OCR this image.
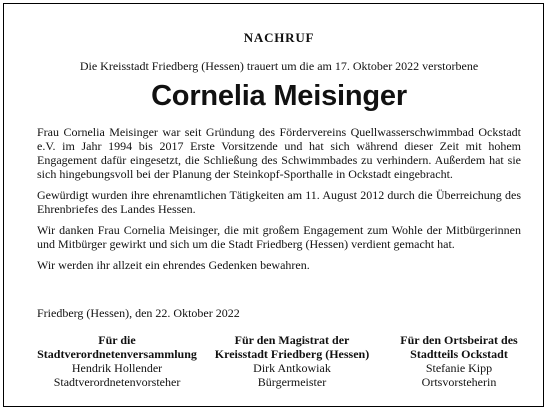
NACHRUF
Die Kreisstadt Friedberg (Hessen) trauert um die am 17. Oktober 2022 verstorbene
Cornelia Meisinger

Frau Cornelia Meisinger war seit Gründung des Fördervereins Quellwasserschwimmbad Ockstadt e.V. im Jahr 1994 bis 2017 Erste Vorsitzende und hat sich während dieser Zeit mit hohem Engagement dafür eingesetzt, die Schließung des Schwimmbades zu verhindern. Außerdem hat sie sich hingebungsvoll bei der Planung der Steinkopf-Sporthalle in Ockstadt eingebracht.

Gewürdigt wurden ihre ehrenamtlichen Tätigkeiten am 11. August 2012 durch die Überreichung des Ehrenbriefes des Landes Hessen.

Wir danken Frau Cornelia Meisinger, die mit großem Engagement zum Wohle der Mitbürgerinnen und Mitbürger gewirkt und sich um die Stadt Friedberg (Hessen) verdient gemacht hat.

Wir werden ihr allzeit ein ehrendes Gedenken bewahren.

Friedberg (Hessen), den 22. Oktober 2022
Für die
Stadtverordnetenversammlung
Hendrik Hollender
Stadtverordnetenvorsteher
Für den Magistrat der
Kreisstadt Friedberg (Hessen)
Dirk Antkowiak
Bürgermeister
Für den Ortsbeirat des
Stadtteils Ockstadt
Stefanie Kipp
Ortsvorsteherin
